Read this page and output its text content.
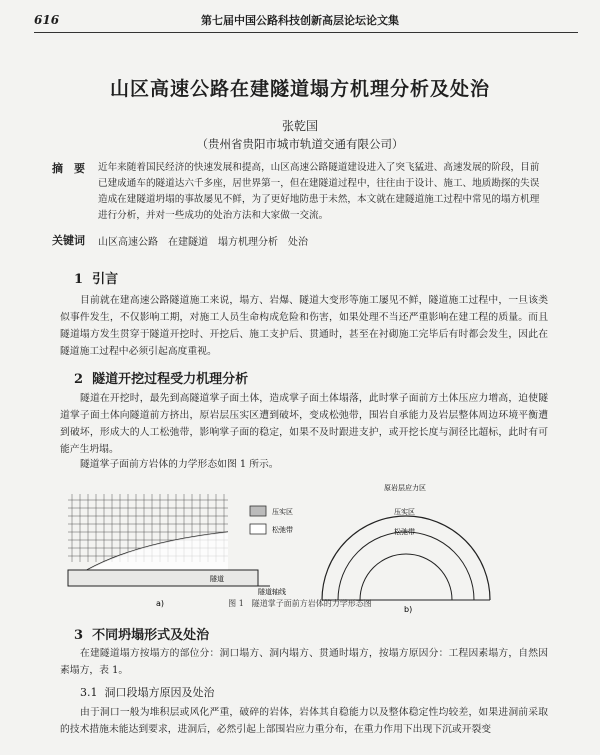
616	第七届中国公路科技创新高层论坛论文集
山区高速公路在建隧道塌方机理分析及处治
张乾国
（贵州省贵阳市城市轨道交通有限公司）
摘　要 近年来随着国民经济的快速发展和提高，山区高速公路隧道建设进入了突飞猛进、高速发展的阶段，目前已建成通车的隧道达六千多座，居世界第一，但在建隧道过程中，往往由于设计、施工、地质勘探的失误造成在建隧道坍塌的事故屡见不鲜，为了更好地防患于未然，本文就在建隧道施工过程中常见的塌方机理进行分析，并对一些成功的处治方法和大家做一交流。
关键词 山区高速公路　在建隧道　塌方机理分析　处治
1 引言
目前就在建高速公路隧道施工来说，塌方、岩爆、隧道大变形等施工屡见不鲜，隧道施工过程中，一旦该类似事件发生，不仅影响工期，对施工人员生命构成危险和伤害，如果处理不当还严重影响在建工程的质量。而且隧道塌方发生贯穿于隧道开挖时、开挖后、施工支护后、贯通时，甚至在衬砌施工完毕后有时都会发生，因此在隧道施工过程中必须引起高度重视。
2 隧道开挖过程受力机理分析
隧道在开挖时，最先到高隧道掌子面土体，造成掌子面土体塌落，此时掌子面前方土体压应力增高，迫使隧道掌子面土体向隧道前方挤出，原岩层压实区遭到破坏，变成松弛带，围岩自承能力及岩层整体周边环境平衡遭到破坏，形成大的人工松弛带，影响掌子面的稳定，如果不及时跟进支护，或开挖长度与洞径比超标，此时有可能产生坍塌。
隧道掌子面前方岩体的力学形态如图 1 所示。
隧道
隧道轴线
压实区
松弛带
a)
原岩层应力区
压实区
松弛带
b)
图 1　隧道掌子面前方岩体的力学形态图
3 不同坍塌形式及处治
在建隧道塌方按塌方的部位分：洞口塌方、洞内塌方、贯通时塌方，按塌方原因分：工程因素塌方，自然因素塌方，表 1。
3.1 洞口段塌方原因及处治
由于洞口一般为堆积层或风化严重，破碎的岩体，岩体其自稳能力以及整体稳定性均较差，如果进洞前采取的技术措施未能达到要求，进洞后，必然引起上部围岩应力重分布，在重力作用下出现下沉或开裂变
